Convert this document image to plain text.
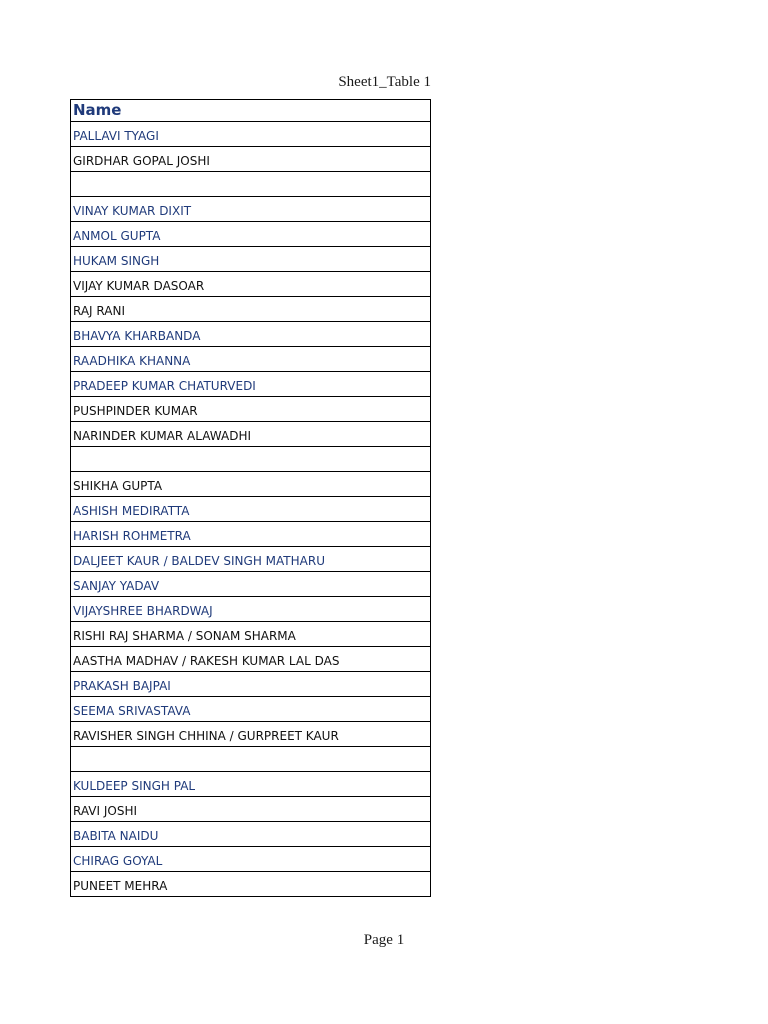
Sheet1_Table 1
Name
PALLAVI TYAGI
GIRDHAR GOPAL JOSHI

VINAY KUMAR DIXIT
ANMOL GUPTA
HUKAM SINGH
VIJAY KUMAR DASOAR
RAJ RANI
BHAVYA KHARBANDA
RAADHIKA KHANNA
PRADEEP KUMAR CHATURVEDI
PUSHPINDER KUMAR
NARINDER KUMAR ALAWADHI

SHIKHA GUPTA
ASHISH MEDIRATTA
HARISH ROHMETRA
DALJEET KAUR / BALDEV SINGH MATHARU
SANJAY YADAV
VIJAYSHREE BHARDWAJ
RISHI RAJ SHARMA / SONAM SHARMA
AASTHA MADHAV / RAKESH KUMAR LAL DAS
PRAKASH BAJPAI
SEEMA SRIVASTAVA
RAVISHER SINGH CHHINA / GURPREET KAUR

KULDEEP SINGH PAL
RAVI JOSHI
BABITA NAIDU
CHIRAG GOYAL
PUNEET MEHRA
Page 1
